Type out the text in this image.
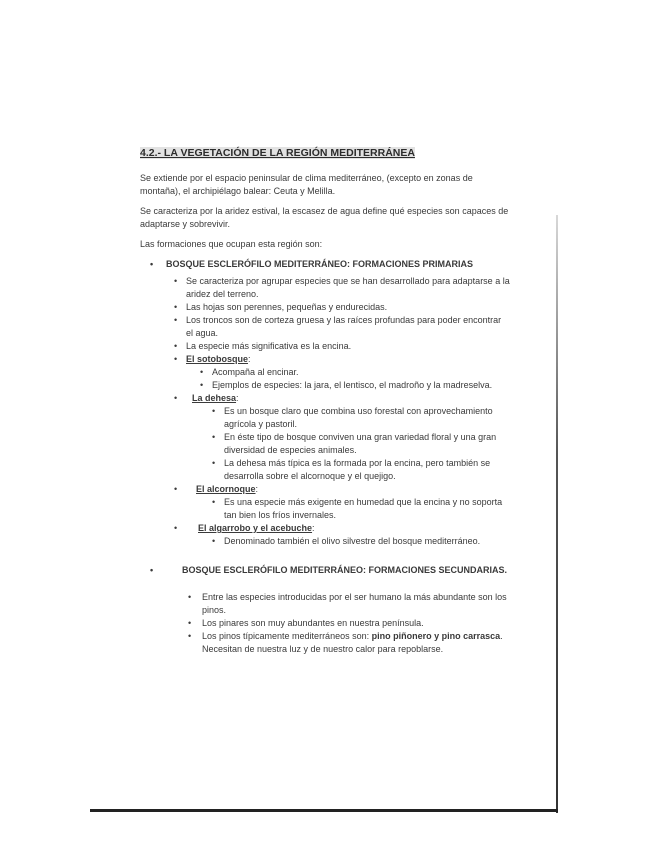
4.2.- LA VEGETACIÓN DE LA REGIÓN MEDITERRÁNEA

Se extiende por el espacio peninsular de clima mediterráneo, (excepto en zonas de montaña), el archipiélago balear: Ceuta y Melilla.

Se caracteriza por la aridez estival, la escasez de agua define qué especies son capaces de adaptarse y sobrevivir.

Las formaciones que ocupan esta región son:

• BOSQUE ESCLERÓFILO MEDITERRÁNEO: FORMACIONES PRIMARIAS
• Se caracteriza por agrupar especies que se han desarrollado para adaptarse a la aridez del terreno.
• Las hojas son perennes, pequeñas y endurecidas.
• Los troncos son de corteza gruesa y las raíces profundas para poder encontrar el agua.
• La especie más significativa es la encina.
• El sotobosque:
• Acompaña al encinar.
• Ejemplos de especies: la jara, el lentisco, el madroño y la madreselva.
• La dehesa:
• Es un bosque claro que combina uso forestal con aprovechamiento agrícola y pastoril.
• En éste tipo de bosque conviven una gran variedad floral y una gran diversidad de especies animales.
• La dehesa más típica es la formada por la encina, pero también se desarrolla sobre el alcornoque y el quejigo.
• El alcornoque:
• Es una especie más exigente en humedad que la encina y no soporta tan bien los fríos invernales.
• El algarrobo y el acebuche:
• Denominado también el olivo silvestre del bosque mediterráneo.
• BOSQUE ESCLERÓFILO MEDITERRÁNEO: FORMACIONES SECUNDARIAS.
• Entre las especies introducidas por el ser humano la más abundante son los pinos.
• Los pinares son muy abundantes en nuestra península.
• Los pinos típicamente mediterráneos son: pino piñonero y pino carrasca. Necesitan de nuestra luz y de nuestro calor para repoblarse.
